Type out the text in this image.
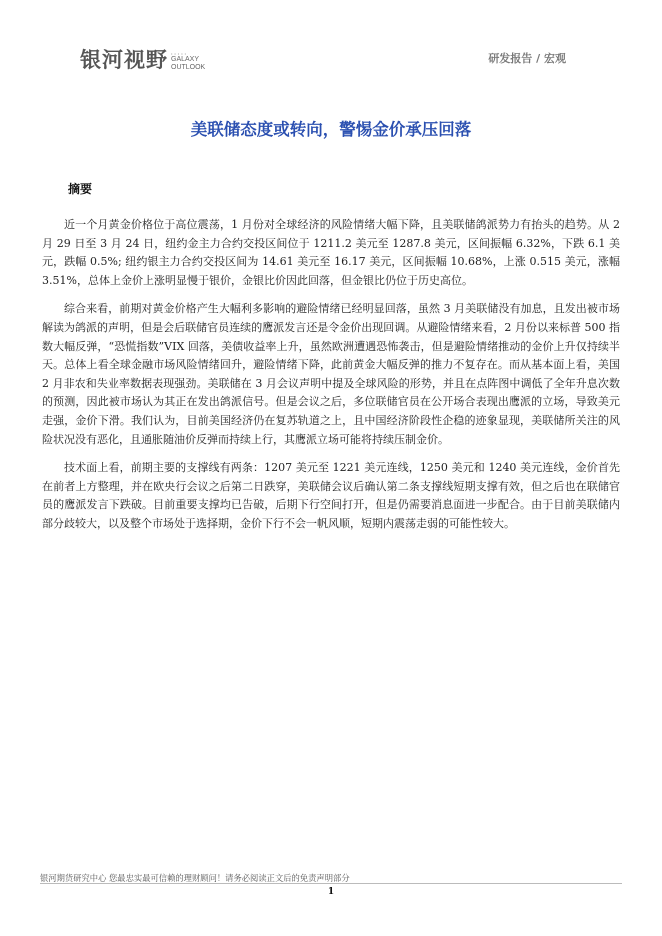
银河视野 •••••
GALAXY
OUTLOOK
研发报告 / 宏观
美联储态度或转向，警惕金价承压回落
摘要

近一个月黄金价格位于高位震荡，1 月份对全球经济的风险情绪大幅下降，且美联储鸽派势力有抬头的趋势。从 2 月 29 日至 3 月 24 日，纽约金主力合约交投区间位于 1211.2 美元至 1287.8 美元，区间振幅 6.32%，下跌 6.1 美元，跌幅 0.5%; 纽约银主力合约交投区间为 14.61 美元至 16.17 美元，区间振幅 10.68%，上涨 0.515 美元，涨幅 3.51%，总体上金价上涨明显慢于银价，金银比价因此回落，但金银比仍位于历史高位。

综合来看，前期对黄金价格产生大幅利多影响的避险情绪已经明显回落，虽然 3 月美联储没有加息，且发出被市场解读为鸽派的声明，但是会后联储官员连续的鹰派发言还是令金价出现回调。从避险情绪来看，2 月份以来标普 500 指数大幅反弹，“恐慌指数”VIX 回落，美债收益率上升，虽然欧洲遭遇恐怖袭击，但是避险情绪推动的金价上升仅持续半天。总体上看全球金融市场风险情绪回升，避险情绪下降，此前黄金大幅反弹的推力不复存在。而从基本面上看，美国 2 月非农和失业率数据表现强劲。美联储在 3 月会议声明中提及全球风险的形势，并且在点阵图中调低了全年升息次数的预测，因此被市场认为其正在发出鸽派信号。但是会议之后，多位联储官员在公开场合表现出鹰派的立场，导致美元走强，金价下滑。我们认为，目前美国经济仍在复苏轨道之上，且中国经济阶段性企稳的迹象显现，美联储所关注的风险状况没有恶化，且通胀随油价反弹而持续上行，其鹰派立场可能将持续压制金价。

技术面上看，前期主要的支撑线有两条：1207 美元至 1221 美元连线，1250 美元和 1240 美元连线，金价首先在前者上方整理，并在欧央行会议之后第二日跌穿，美联储会议后确认第二条支撑线短期支撑有效，但之后也在联储官员的鹰派发言下跌破。目前重要支撑均已告破，后期下行空间打开，但是仍需要消息面进一步配合。由于目前美联储内部分歧较大，以及整个市场处于选择期，金价下行不会一帆风顺，短期内震荡走弱的可能性较大。

银河期货研究中心 您最忠实最可信赖的理财顾问！请务必阅读正文后的免责声明部分
1
